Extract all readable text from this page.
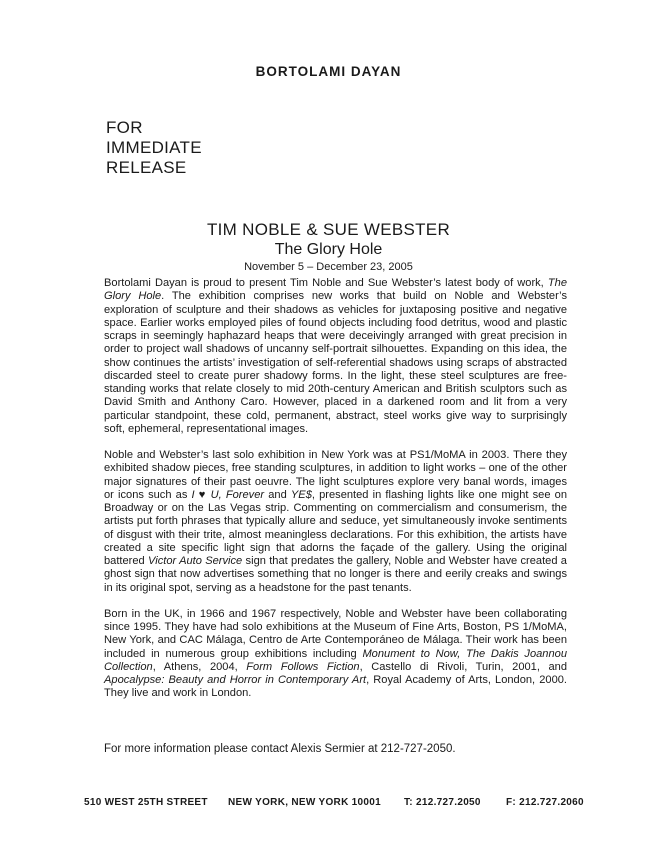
BORTOLAMI DAYAN
FOR
IMMEDIATE
RELEASE
TIM NOBLE & SUE WEBSTER
The Glory Hole
November 5 – December 23, 2005

Bortolami Dayan is proud to present Tim Noble and Sue Webster’s latest body of work, The Glory Hole. The exhibition comprises new works that build on Noble and Webster’s exploration of sculpture and their shadows as vehicles for juxtaposing positive and negative space. Earlier works employed piles of found objects including food detritus, wood and plastic scraps in seemingly haphazard heaps that were deceivingly arranged with great precision in order to project wall shadows of uncanny self-portrait silhouettes. Expanding on this idea, the show continues the artists’ investigation of self-referential shadows using scraps of abstracted discarded steel to create purer shadowy forms. In the light, these steel sculptures are free-standing works that relate closely to mid 20th-century American and British sculptors such as David Smith and Anthony Caro. However, placed in a darkened room and lit from a very particular standpoint, these cold, permanent, abstract, steel works give way to surprisingly soft, ephemeral, representational images.

Noble and Webster’s last solo exhibition in New York was at PS1/MoMA in 2003. There they exhibited shadow pieces, free standing sculptures, in addition to light works – one of the other major signatures of their past oeuvre. The light sculptures explore very banal words, images or icons such as I ♥ U, Forever and YE$, presented in flashing lights like one might see on Broadway or on the Las Vegas strip. Commenting on commercialism and consumerism, the artists put forth phrases that typically allure and seduce, yet simultaneously invoke sentiments of disgust with their trite, almost meaningless declarations. For this exhibition, the artists have created a site specific light sign that adorns the façade of the gallery. Using the original battered Victor Auto Service sign that predates the gallery, Noble and Webster have created a ghost sign that now advertises something that no longer is there and eerily creaks and swings in its original spot, serving as a headstone for the past tenants.

Born in the UK, in 1966 and 1967 respectively, Noble and Webster have been collaborating since 1995. They have had solo exhibitions at the Museum of Fine Arts, Boston, PS 1/MoMA, New York, and CAC Málaga, Centro de Arte Contemporáneo de Málaga. Their work has been included in numerous group exhibitions including Monument to Now, The Dakis Joannou Collection, Athens, 2004, Form Follows Fiction, Castello di Rivoli, Turin, 2001, and Apocalypse: Beauty and Horror in Contemporary Art, Royal Academy of Arts, London, 2000. They live and work in London.

For more information please contact Alexis Sermier at 212-727-2050.
510 WEST 25TH STREET NEW YORK, NEW YORK 10001 T: 212.727.2050	F: 212.727.2060
